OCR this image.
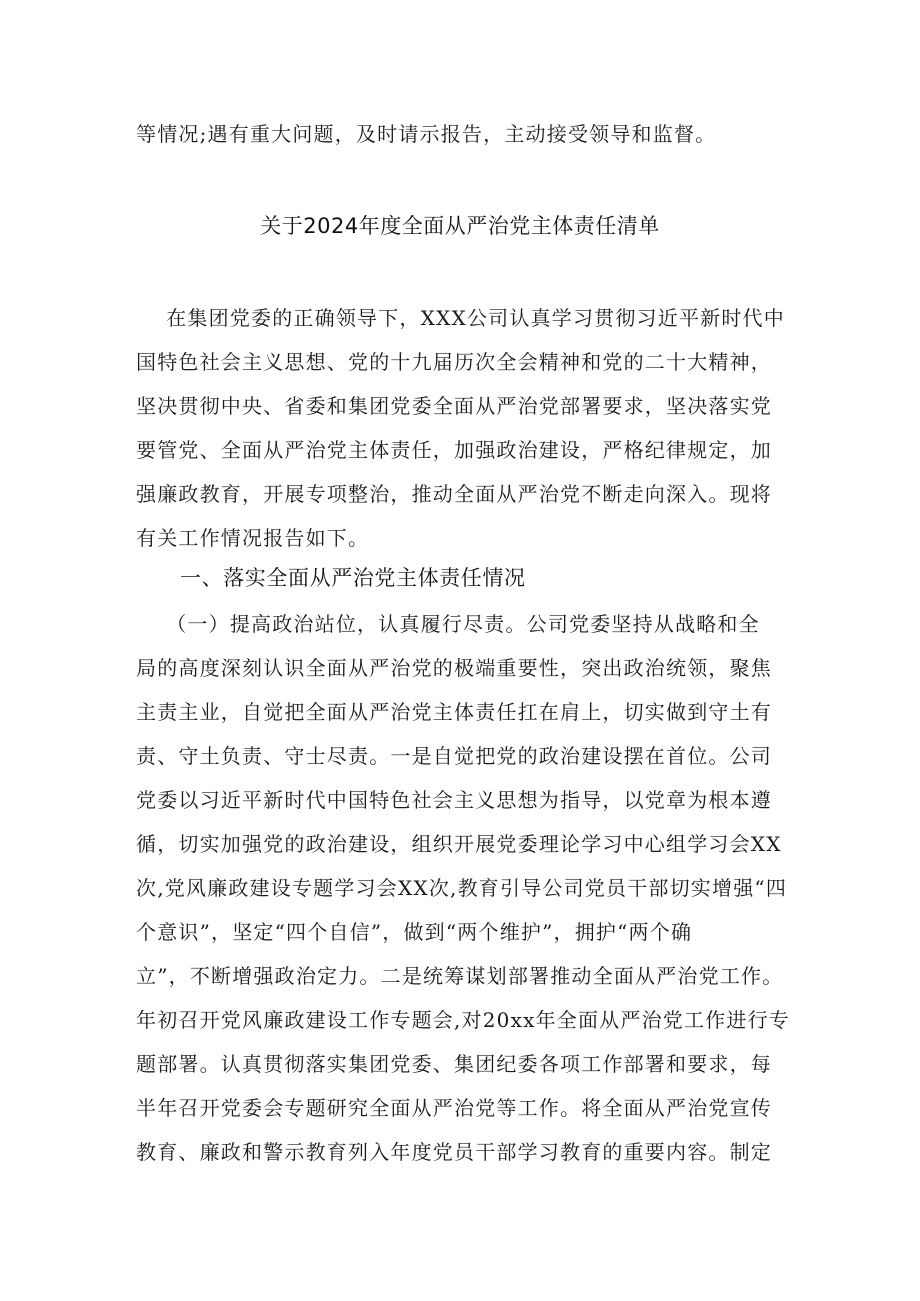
等情况;遇有重大问题，及时请示报告，主动接受领导和监督。
关于2024年度全面从严治党主体责任清单
在集团党委的正确领导下，XXX公司认真学习贯彻习近平新时代中
国特色社会主义思想、党的十九届历次全会精神和党的二十大精神，
坚决贯彻中央、省委和集团党委全面从严治党部署要求，坚决落实党
要管党、全面从严治党主体责任，加强政治建设，严格纪律规定，加
强廉政教育，开展专项整治，推动全面从严治党不断走向深入。现将
有关工作情况报告如下。
一、落实全面从严治党主体责任情况
（一）提高政治站位，认真履行尽责。公司党委坚持从战略和全
局的高度深刻认识全面从严治党的极端重要性，突出政治统领，聚焦
主责主业，自觉把全面从严治党主体责任扛在肩上，切实做到守土有
责、守土负责、守士尽责。一是自觉把党的政治建设摆在首位。公司
党委以习近平新时代中国特色社会主义思想为指导，以党章为根本遵
循，切实加强党的政治建设，组织开展党委理论学习中心组学习会XX
次,党风廉政建设专题学习会XX次,教育引导公司党员干部切实增强“四
个意识”，坚定“四个自信”，做到“两个维护”，拥护“两个确
立”，不断增强政治定力。二是统筹谋划部署推动全面从严治党工作。
年初召开党风廉政建设工作专题会,对20xx年全面从严治党工作进行专
题部署。认真贯彻落实集团党委、集团纪委各项工作部署和要求，每
半年召开党委会专题研究全面从严治党等工作。将全面从严治党宣传
教育、廉政和警示教育列入年度党员干部学习教育的重要内容。制定
